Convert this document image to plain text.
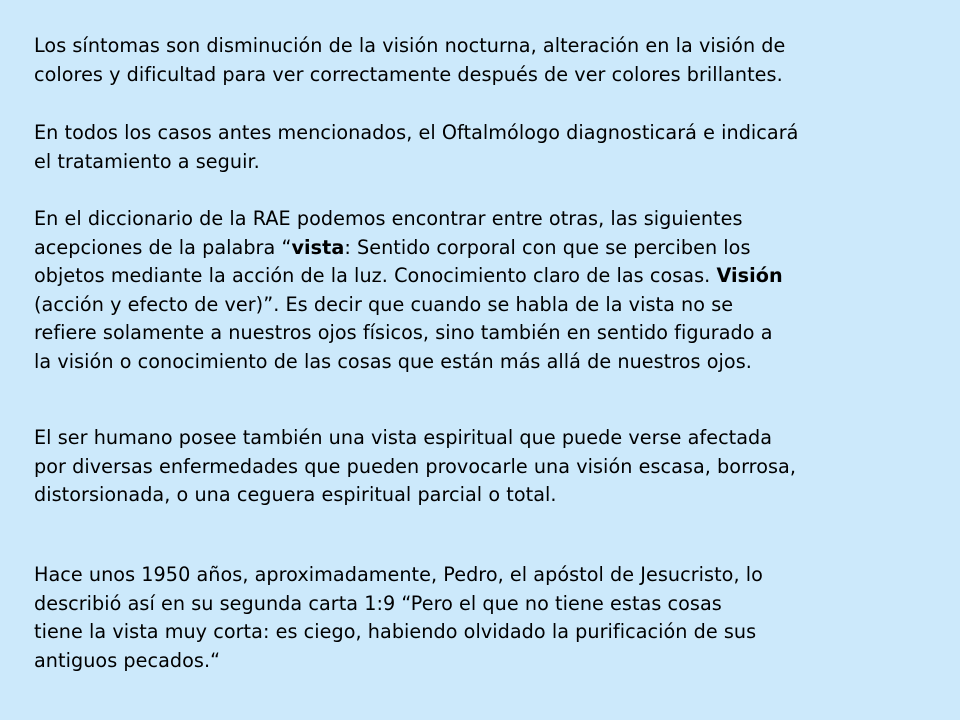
Los síntomas son disminución de la visión nocturna, alteración en la visión de
colores y dificultad para ver correctamente después de ver colores brillantes.

En todos los casos antes mencionados, el Oftalmólogo diagnosticará e indicará
el tratamiento a seguir.

En el diccionario de la RAE podemos encontrar entre otras, las siguientes
acepciones de la palabra “vista: Sentido corporal con que se perciben los
objetos mediante la acción de la luz. Conocimiento claro de las cosas. Visión
(acción y efecto de ver)”. Es decir que cuando se habla de la vista no se
refiere solamente a nuestros ojos físicos, sino también en sentido figurado a
la visión o conocimiento de las cosas que están más allá de nuestros ojos.

El ser humano posee también una vista espiritual que puede verse afectada
por diversas enfermedades que pueden provocarle una visión escasa, borrosa,
distorsionada, o una ceguera espiritual parcial o total.

Hace unos 1950 años, aproximadamente, Pedro, el apóstol de Jesucristo, lo
describió así en su segunda carta 1:9 “Pero el que no tiene estas cosas
tiene la vista muy corta: es ciego, habiendo olvidado la purificación de sus
antiguos pecados.“
